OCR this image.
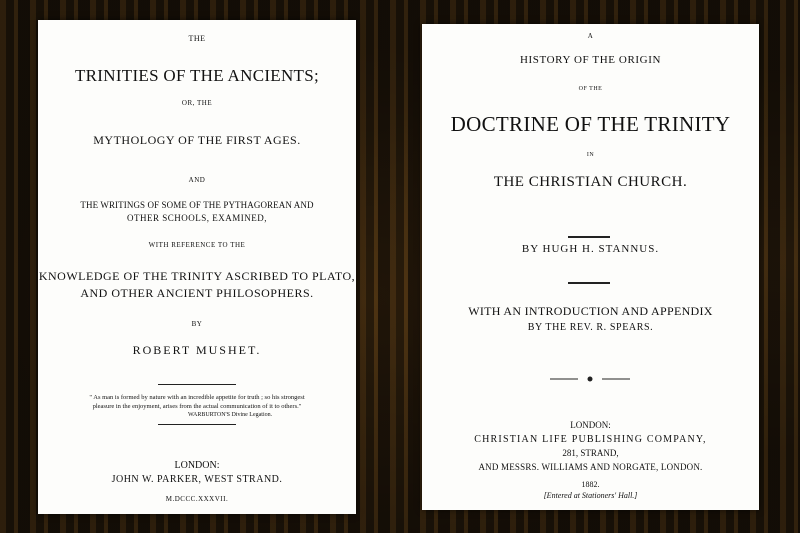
THE
TRINITIES OF THE ANCIENTS;
OR, THE
MYTHOLOGY OF THE FIRST AGES.
AND
THE WRITINGS OF SOME OF THE PYTHAGOREAN AND
OTHER SCHOOLS, EXAMINED,
WITH REFERENCE TO THE
KNOWLEDGE OF THE TRINITY ASCRIBED TO PLATO,
AND OTHER ANCIENT PHILOSOPHERS.
BY
ROBERT MUSHET.
" As man is formed by nature with an incredible appetite for truth ; so his strongest
pleasure in the enjoyment, arises from the actual communication of it to others."
WARBURTON'S Divine Legation.
LONDON:
JOHN W. PARKER, WEST STRAND.
M.DCCC.XXXVII.
A
HISTORY OF THE ORIGIN
OF THE
DOCTRINE OF THE TRINITY
IN
THE CHRISTIAN CHURCH.
BY HUGH H. STANNUS.
WITH AN INTRODUCTION AND APPENDIX
BY THE REV. R. SPEARS.
LONDON:
CHRISTIAN LIFE PUBLISHING COMPANY,
281, STRAND,
AND MESSRS. WILLIAMS AND NORGATE, LONDON.
1882.
[Entered at Stationers' Hall.]
